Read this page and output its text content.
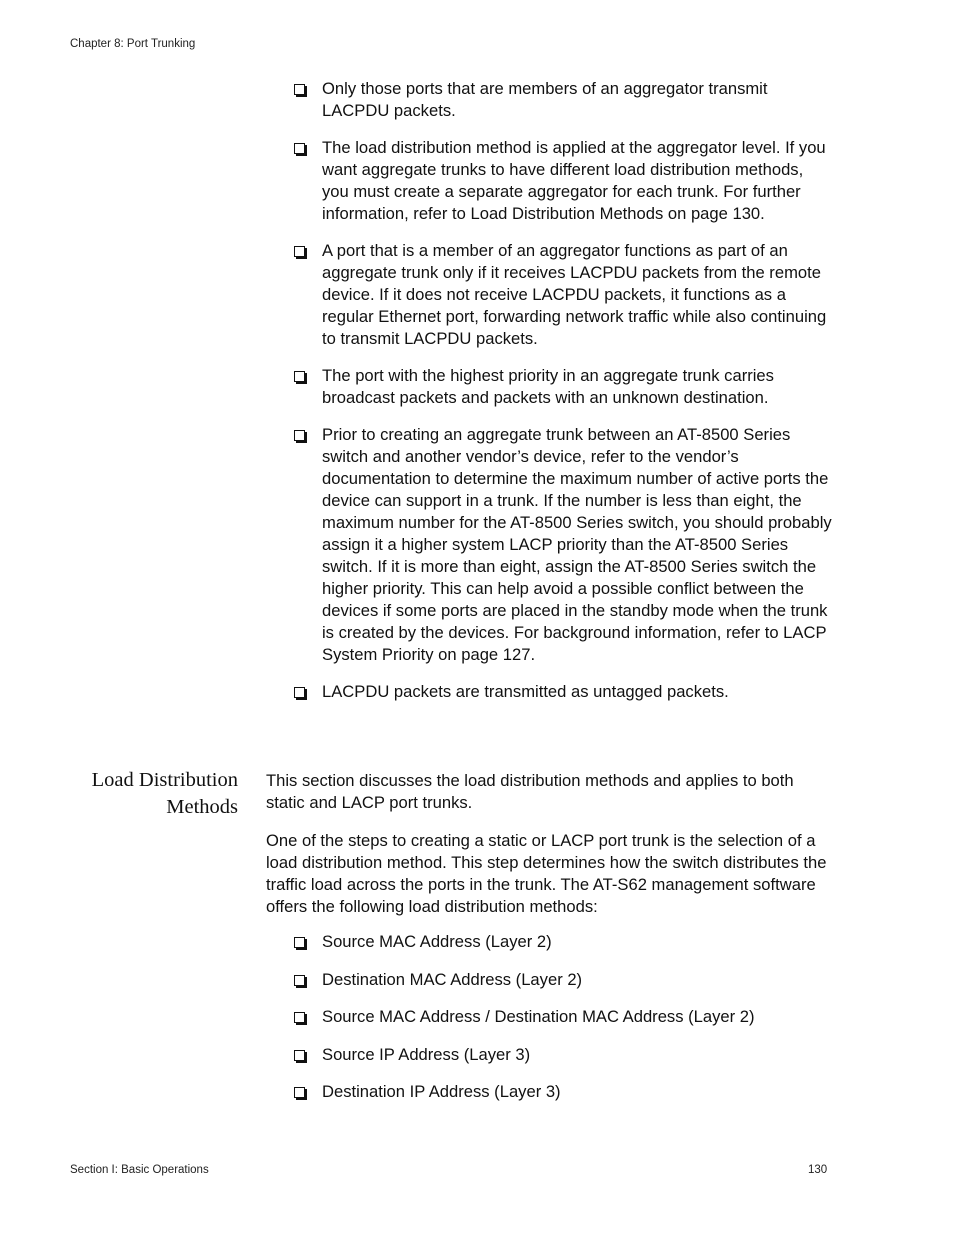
Chapter 8: Port Trunking
Only those ports that are members of an aggregator transmit LACPDU packets.
The load distribution method is applied at the aggregator level. If you want aggregate trunks to have different load distribution methods, you must create a separate aggregator for each trunk. For further information, refer to Load Distribution Methods on page 130.
A port that is a member of an aggregator functions as part of an aggregate trunk only if it receives LACPDU packets from the remote device. If it does not receive LACPDU packets, it functions as a regular Ethernet port, forwarding network traffic while also continuing to transmit LACPDU packets.
The port with the highest priority in an aggregate trunk carries broadcast packets and packets with an unknown destination.
Prior to creating an aggregate trunk between an AT-8500 Series switch and another vendor’s device, refer to the vendor’s documentation to determine the maximum number of active ports the device can support in a trunk. If the number is less than eight, the maximum number for the AT-8500 Series switch, you should probably assign it a higher system LACP priority than the AT-8500 Series switch. If it is more than eight, assign the AT-8500 Series switch the higher priority. This can help avoid a possible conflict between the devices if some ports are placed in the standby mode when the trunk is created by the devices. For background information, refer to LACP System Priority on page 127.
LACPDU packets are transmitted as untagged packets.
Load Distribution
Methods

This section discusses the load distribution methods and applies to both static and LACP port trunks.

One of the steps to creating a static or LACP port trunk is the selection of a load distribution method. This step determines how the switch distributes the traffic load across the ports in the trunk. The AT-S62 management software offers the following load distribution methods:

Source MAC Address (Layer 2)
Destination MAC Address (Layer 2)
Source MAC Address / Destination MAC Address (Layer 2)
Source IP Address (Layer 3)
Destination IP Address (Layer 3)
Section I: Basic Operations	130
